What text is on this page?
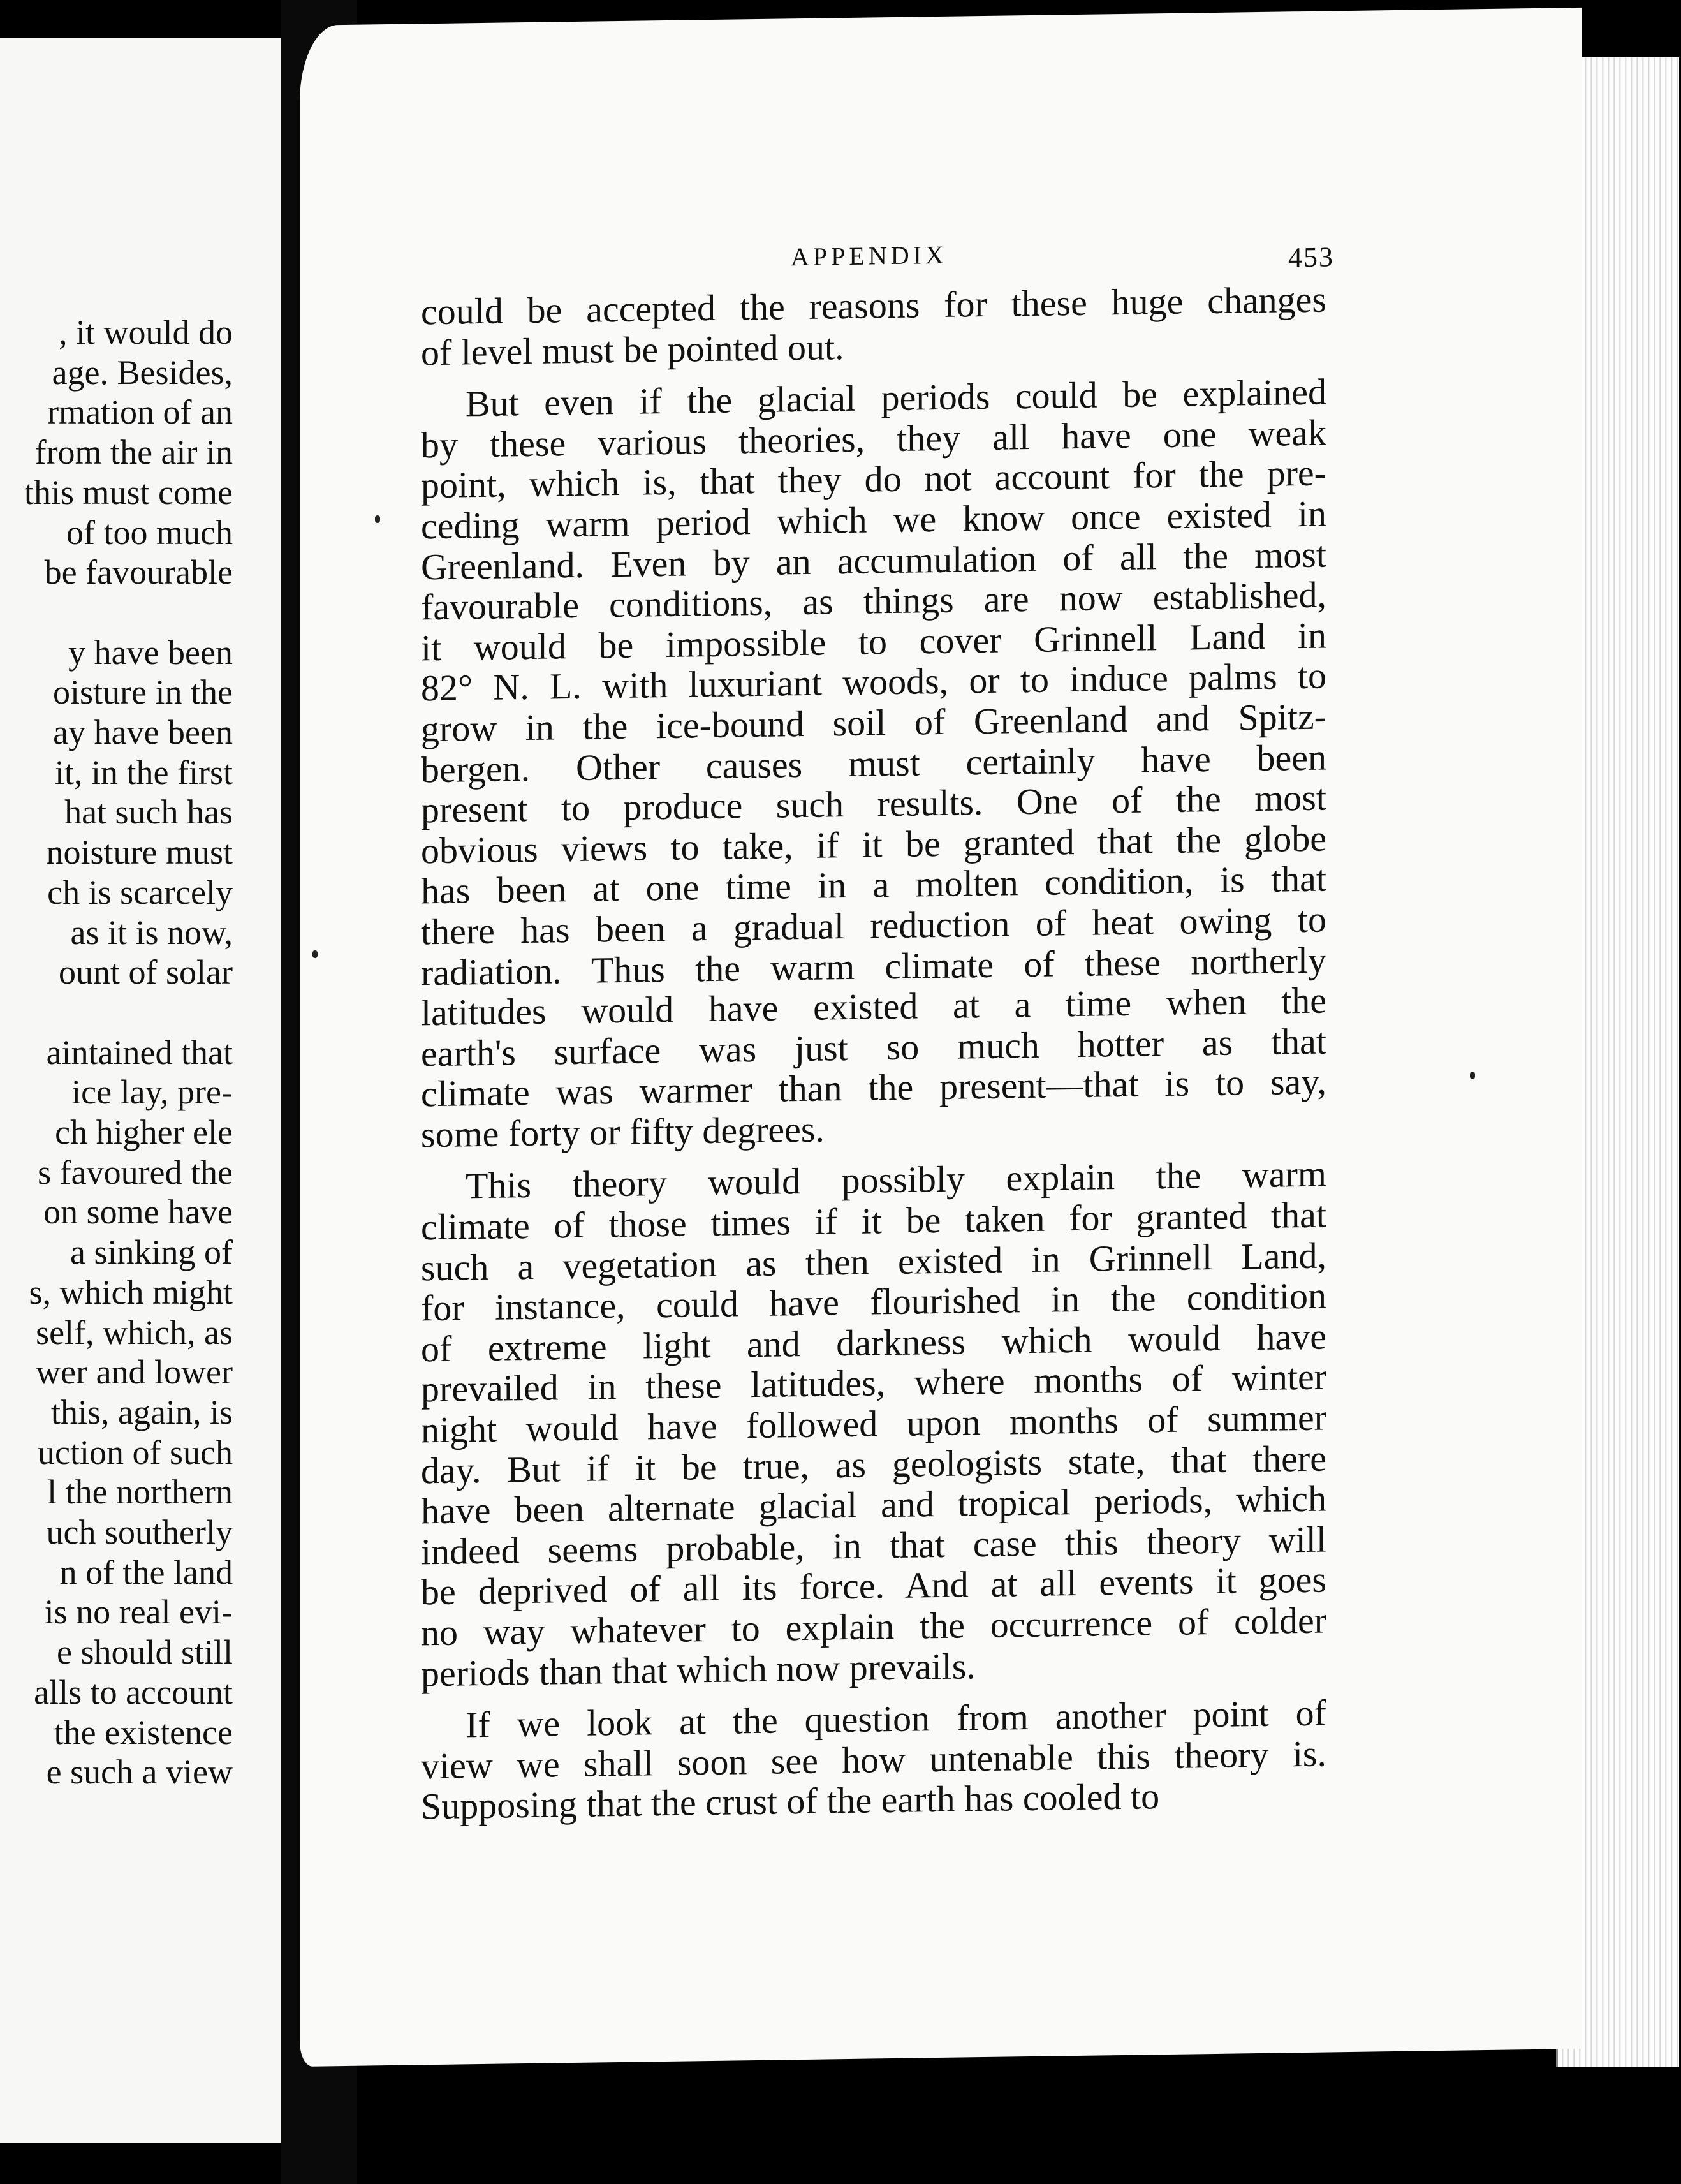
, it would do
age. Besides,
rmation of an
from the air in
this must come
of too much
be favourable
y have been
oisture in the
ay have been
it, in the first
hat such has
noisture must
ch is scarcely
as it is now,
ount of solar
aintained that
ice lay, pre-
ch higher ele
s favoured the
on some have
a sinking of
s, which might
self, which, as
wer and lower
this, again, is
uction of such
l the northern
uch southerly
n of the land
is no real evi-
e should still
alls to account
the existence
e such a view
APPENDIX	453
could be accepted the reasons for these huge changes
of level must be pointed out.
But even if the glacial periods could be explained
by these various theories, they all have one weak
point, which is, that they do not account for the pre-
ceding warm period which we know once existed in
Greenland. Even by an accumulation of all the most
favourable conditions, as things are now established,
it would be impossible to cover Grinnell Land in
82° N. L. with luxuriant woods, or to induce palms to
grow in the ice-bound soil of Greenland and Spitz-
bergen. Other causes must certainly have been
present to produce such results. One of the most
obvious views to take, if it be granted that the globe
has been at one time in a molten condition, is that
there has been a gradual reduction of heat owing to
radiation. Thus the warm climate of these northerly
latitudes would have existed at a time when the
earth's surface was just so much hotter as that
climate was warmer than the present—that is to say,
some forty or fifty degrees.
This theory would possibly explain the warm
climate of those times if it be taken for granted that
such a vegetation as then existed in Grinnell Land,
for instance, could have flourished in the condition
of extreme light and darkness which would have
prevailed in these latitudes, where months of winter
night would have followed upon months of summer
day. But if it be true, as geologists state, that there
have been alternate glacial and tropical periods, which
indeed seems probable, in that case this theory will
be deprived of all its force. And at all events it goes
no way whatever to explain the occurrence of colder
periods than that which now prevails.
If we look at the question from another point of
view we shall soon see how untenable this theory is.
Supposing that the crust of the earth has cooled to
